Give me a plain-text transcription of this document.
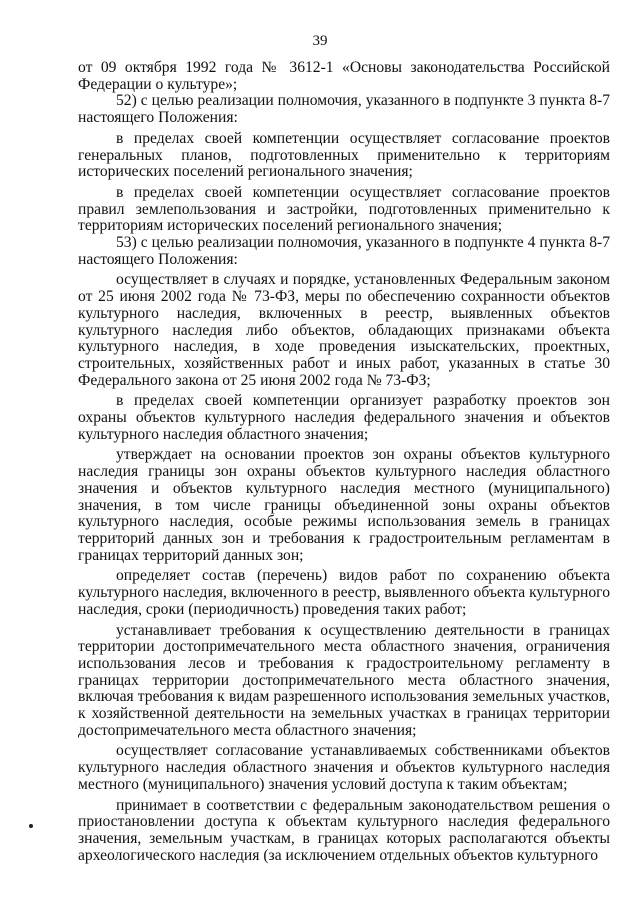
39

от 09 октября 1992 года № 3612-1 «Основы законодательства Российской Федерации о культуре»;

52) с целью реализации полномочия, указанного в подпункте 3 пункта 8-7 настоящего Положения:

в пределах своей компетенции осуществляет согласование проектов генеральных планов, подготовленных применительно к территориям исторических поселений регионального значения;

в пределах своей компетенции осуществляет согласование проектов правил землепользования и застройки, подготовленных применительно к территориям исторических поселений регионального значения;

53) с целью реализации полномочия, указанного в подпункте 4 пункта 8-7 настоящего Положения:

осуществляет в случаях и порядке, установленных Федеральным законом от 25 июня 2002 года № 73-ФЗ, меры по обеспечению сохранности объектов культурного наследия, включенных в реестр, выявленных объектов культурного наследия либо объектов, обладающих признаками объекта культурного наследия, в ходе проведения изыскательских, проектных, строительных, хозяйственных работ и иных работ, указанных в статье 30 Федерального закона от 25 июня 2002 года № 73-ФЗ;

в пределах своей компетенции организует разработку проектов зон охраны объектов культурного наследия федерального значения и объектов культурного наследия областного значения;

утверждает на основании проектов зон охраны объектов культурного наследия границы зон охраны объектов культурного наследия областного значения и объектов культурного наследия местного (муниципального) значения, в том числе границы объединенной зоны охраны объектов культурного наследия, особые режимы использования земель в границах территорий данных зон и требования к градостроительным регламентам в границах территорий данных зон;

определяет состав (перечень) видов работ по сохранению объекта культурного наследия, включенного в реестр, выявленного объекта культурного наследия, сроки (периодичность) проведения таких работ;

устанавливает требования к осуществлению деятельности в границах территории достопримечательного места областного значения, ограничения использования лесов и требования к градостроительному регламенту в границах территории достопримечательного места областного значения, включая требования к видам разрешенного использования земельных участков, к хозяйственной деятельности на земельных участках в границах территории достопримечательного места областного значения;

осуществляет согласование устанавливаемых собственниками объектов культурного наследия областного значения и объектов культурного наследия местного (муниципального) значения условий доступа к таким объектам;

принимает в соответствии с федеральным законодательством решения о приостановлении доступа к объектам культурного наследия федерального значения, земельным участкам, в границах которых располагаются объекты археологического наследия (за исключением отдельных объектов культурного
